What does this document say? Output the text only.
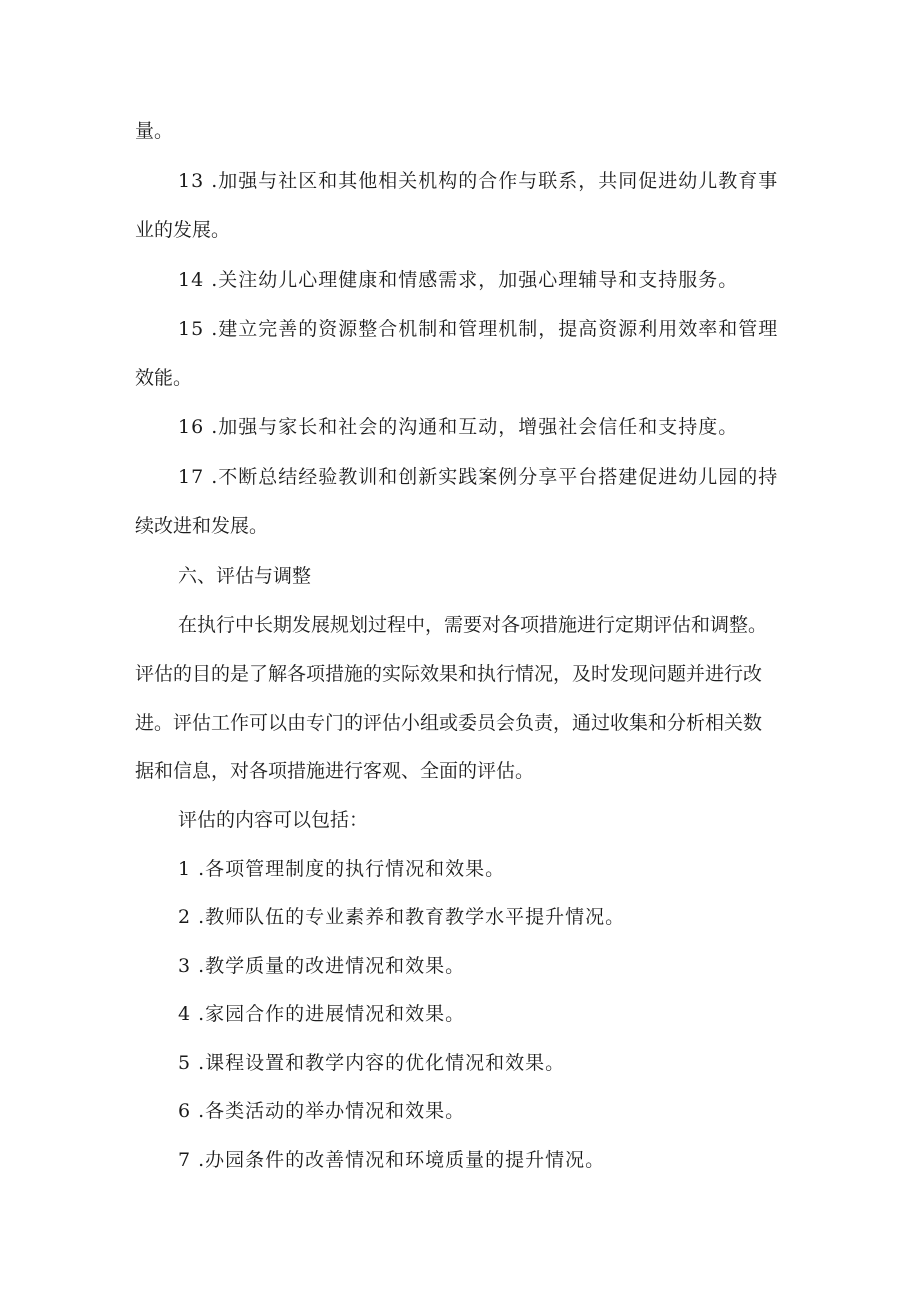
量。
13 .加强与社区和其他相关机构的合作与联系，共同促进幼儿教育事
业的发展。
14 .关注幼儿心理健康和情感需求，加强心理辅导和支持服务。
15 .建立完善的资源整合机制和管理机制，提高资源利用效率和管理
效能。
16 .加强与家长和社会的沟通和互动，增强社会信任和支持度。
17 .不断总结经验教训和创新实践案例分享平台搭建促进幼儿园的持
续改进和发展。
六、评估与调整
在执行中长期发展规划过程中，需要对各项措施进行定期评估和调整。
评估的目的是了解各项措施的实际效果和执行情况，及时发现问题并进行改
进。评估工作可以由专门的评估小组或委员会负责，通过收集和分析相关数
据和信息，对各项措施进行客观、全面的评估。
评估的内容可以包括：
1 .各项管理制度的执行情况和效果。
2 .教师队伍的专业素养和教育教学水平提升情况。
3 .教学质量的改进情况和效果。
4 .家园合作的进展情况和效果。
5 .课程设置和教学内容的优化情况和效果。
6 .各类活动的举办情况和效果。
7 .办园条件的改善情况和环境质量的提升情况。
